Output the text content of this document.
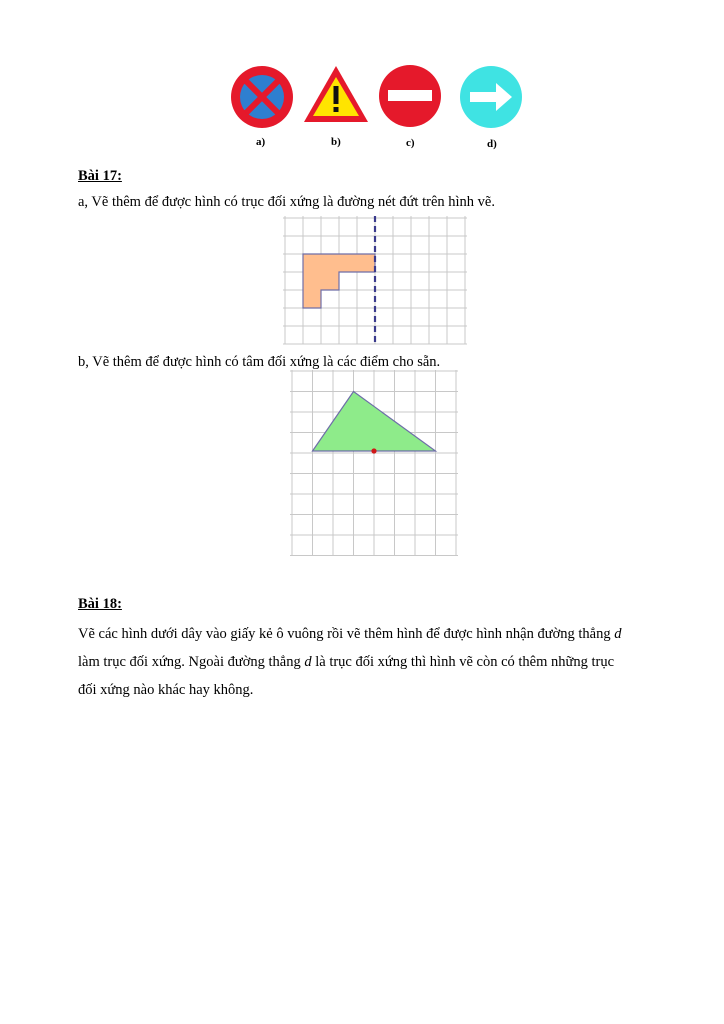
a)	b)	c)	d)
Bài 17:
a, Vẽ thêm để được hình có trục đối xứng là đường nét đứt trên hình vẽ.
b, Vẽ thêm để được hình có tâm đối xứng là các điểm cho sẵn.
Bài 18:
Vẽ các hình dưới dây vào giấy kẻ ô vuông rồi vẽ thêm hình để được hình nhận đường thẳng d
làm trục đối xứng. Ngoài đường thẳng d là trục đối xứng thì hình vẽ còn có thêm những trục
đối xứng nào khác hay không.
